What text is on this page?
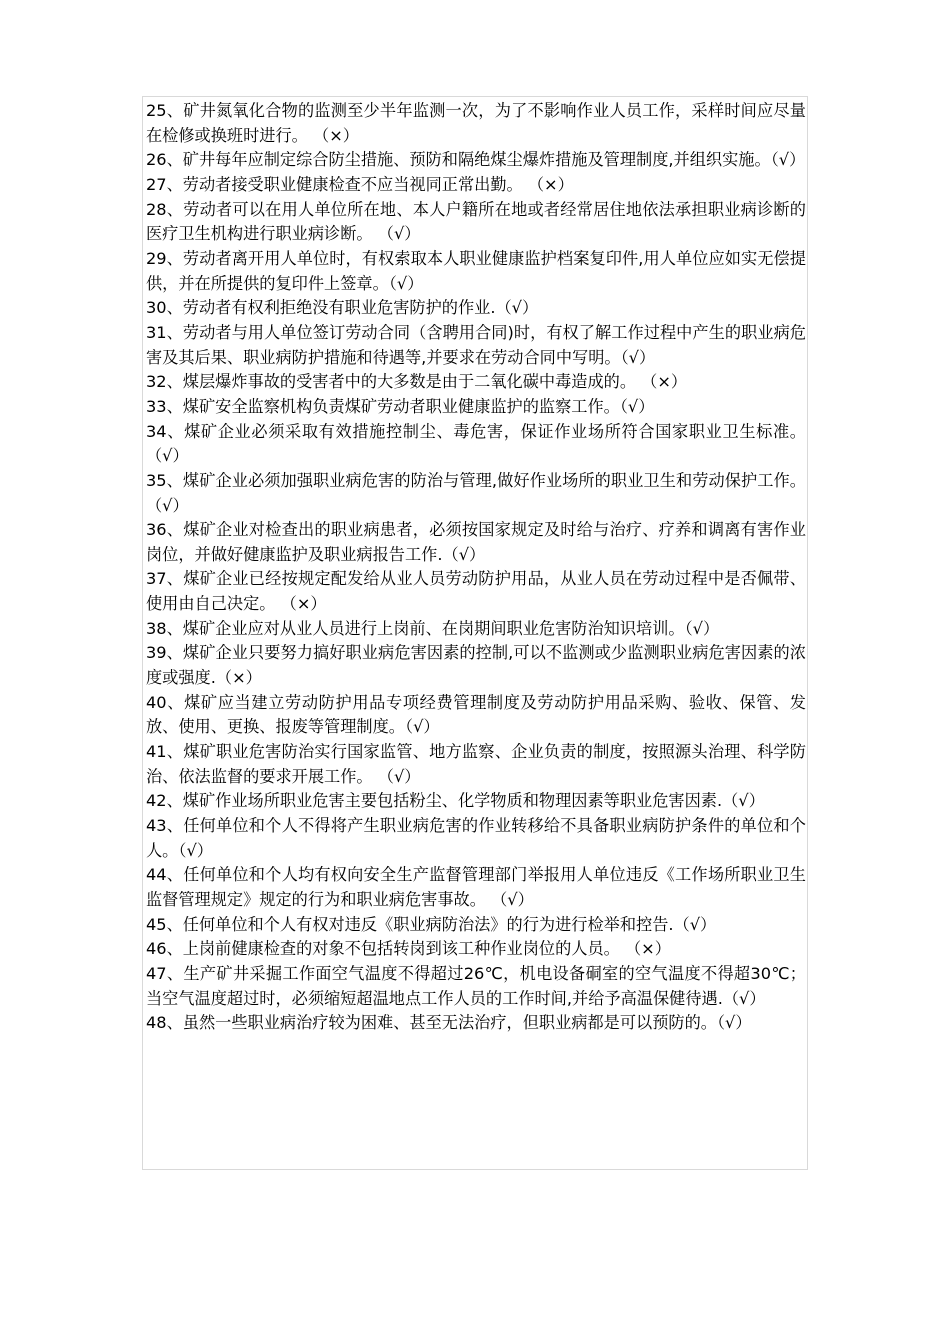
25、矿井氮氧化合物的监测至少半年监测一次，为了不影响作业人员工作，采样时间应尽量在检修或换班时进行。 （×）

26、矿井每年应制定综合防尘措施、预防和隔绝煤尘爆炸措施及管理制度,并组织实施。（√）

27、劳动者接受职业健康检查不应当视同正常出勤。 （×）

28、劳动者可以在用人单位所在地、本人户籍所在地或者经常居住地依法承担职业病诊断的医疗卫生机构进行职业病诊断。 （√）

29、劳动者离开用人单位时，有权索取本人职业健康监护档案复印件,用人单位应如实无偿提供，并在所提供的复印件上签章。（√）

30、劳动者有权利拒绝没有职业危害防护的作业.（√）

31、劳动者与用人单位签订劳动合同（含聘用合同)时，有权了解工作过程中产生的职业病危害及其后果、职业病防护措施和待遇等,并要求在劳动合同中写明。（√）

32、煤层爆炸事故的受害者中的大多数是由于二氧化碳中毒造成的。 （×）

33、煤矿安全监察机构负责煤矿劳动者职业健康监护的监察工作。（√）

34、煤矿企业必须采取有效措施控制尘、毒危害，保证作业场所符合国家职业卫生标准。（√）

35、煤矿企业必须加强职业病危害的防治与管理,做好作业场所的职业卫生和劳动保护工作。（√）

36、煤矿企业对检查出的职业病患者，必须按国家规定及时给与治疗、疗养和调离有害作业岗位，并做好健康监护及职业病报告工作.（√）

37、煤矿企业已经按规定配发给从业人员劳动防护用品，从业人员在劳动过程中是否佩带、使用由自己决定。 （×）

38、煤矿企业应对从业人员进行上岗前、在岗期间职业危害防治知识培训。（√）

39、煤矿企业只要努力搞好职业病危害因素的控制,可以不监测或少监测职业病危害因素的浓度或强度.（×）

40、煤矿应当建立劳动防护用品专项经费管理制度及劳动防护用品采购、验收、保管、发放、使用、更换、报废等管理制度。（√）

41、煤矿职业危害防治实行国家监管、地方监察、企业负责的制度，按照源头治理、科学防治、依法监督的要求开展工作。 （√）

42、煤矿作业场所职业危害主要包括粉尘、化学物质和物理因素等职业危害因素.（√）

43、任何单位和个人不得将产生职业病危害的作业转移给不具备职业病防护条件的单位和个人。（√）

44、任何单位和个人均有权向安全生产监督管理部门举报用人单位违反《工作场所职业卫生监督管理规定》规定的行为和职业病危害事故。 （√）

45、任何单位和个人有权对违反《职业病防治法》的行为进行检举和控告.（√）

46、上岗前健康检查的对象不包括转岗到该工种作业岗位的人员。 （×）

47、生产矿井采掘工作面空气温度不得超过26℃，机电设备硐室的空气温度不得超30℃；当空气温度超过时，必须缩短超温地点工作人员的工作时间,并给予高温保健待遇.（√）

48、虽然一些职业病治疗较为困难、甚至无法治疗，但职业病都是可以预防的。（√）
